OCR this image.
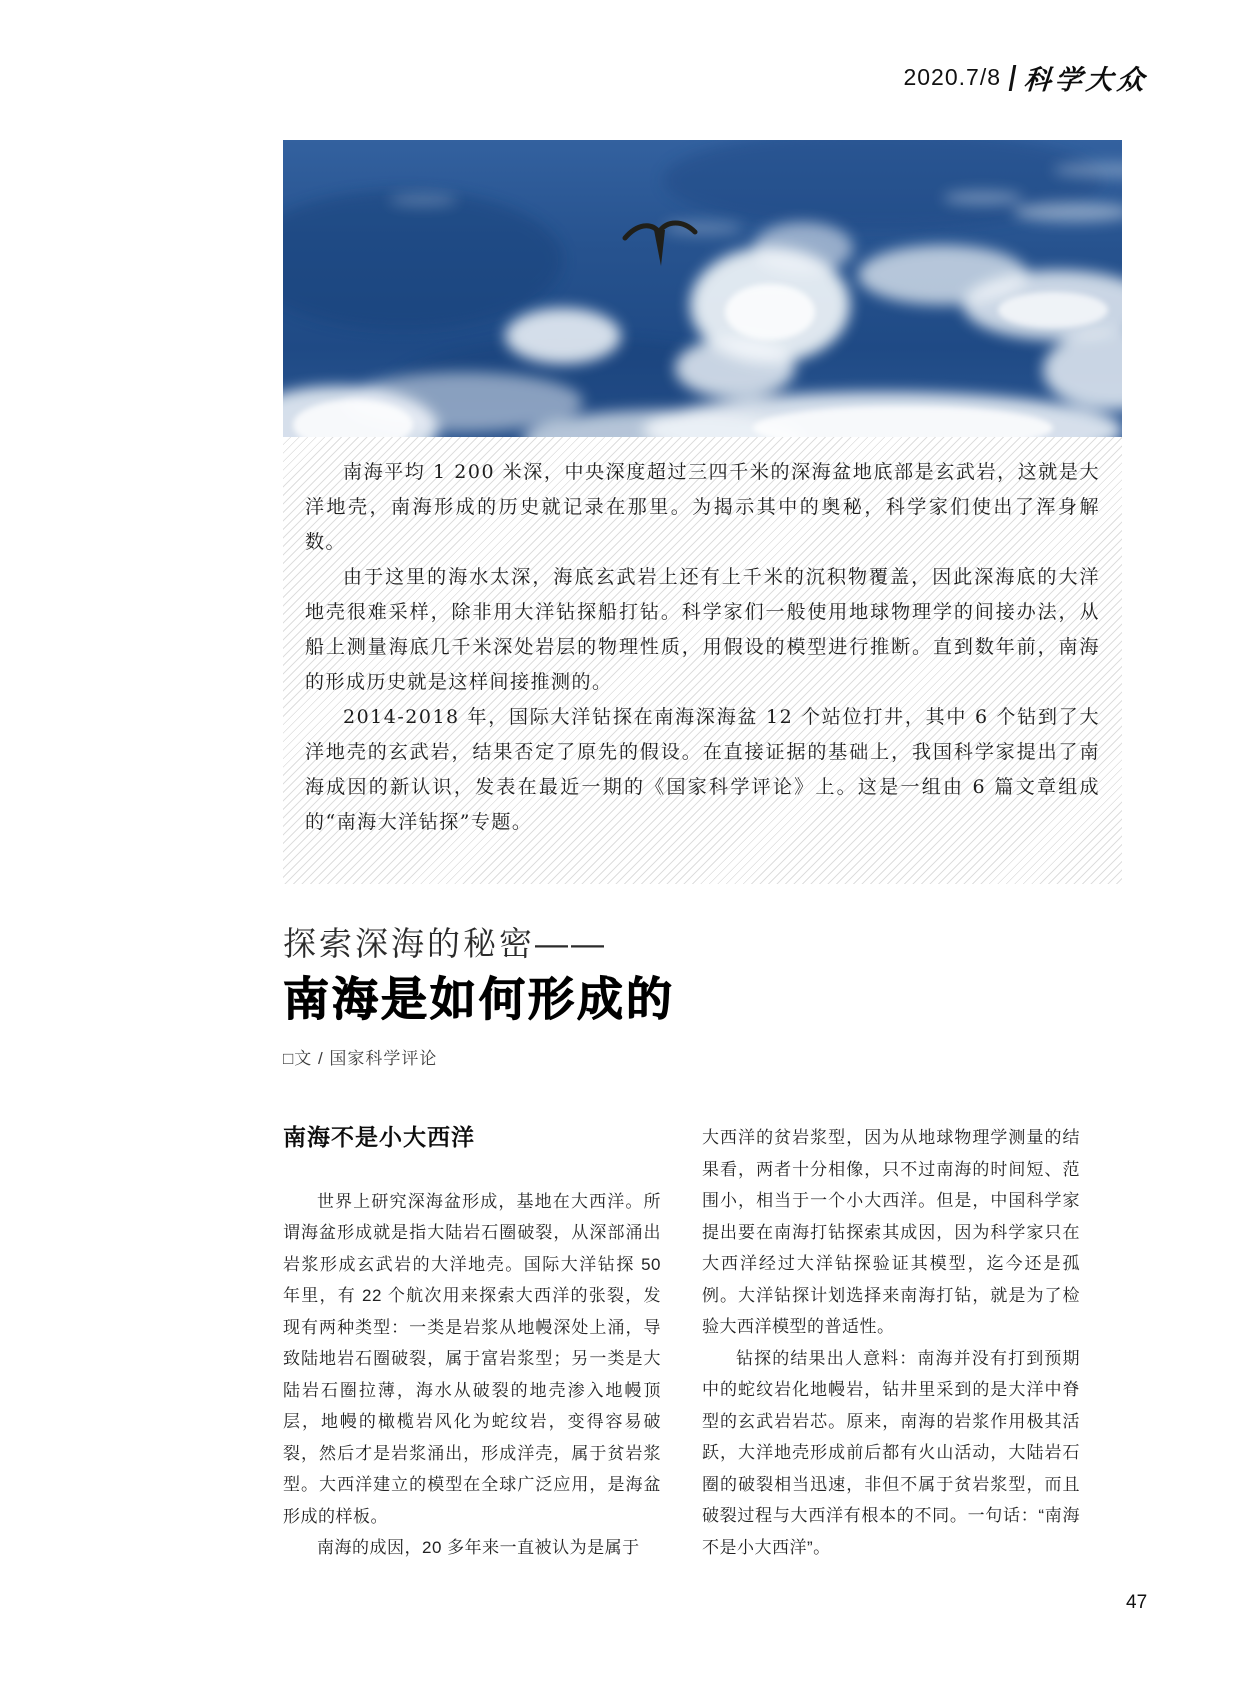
2020.7/8 科学大众

南海平均 1 200 米深，中央深度超过三四千米的深海盆地底部是玄武岩，这就是大洋地壳，南海形成的历史就记录在那里。为揭示其中的奥秘，科学家们使出了浑身解数。

由于这里的海水太深，海底玄武岩上还有上千米的沉积物覆盖，因此深海底的大洋地壳很难采样，除非用大洋钻探船打钻。科学家们一般使用地球物理学的间接办法，从船上测量海底几千米深处岩层的物理性质，用假设的模型进行推断。直到数年前，南海的形成历史就是这样间接推测的。

2014-2018 年，国际大洋钻探在南海深海盆 12 个站位打井，其中 6 个钻到了大洋地壳的玄武岩，结果否定了原先的假设。在直接证据的基础上，我国科学家提出了南海成因的新认识，发表在最近一期的《国家科学评论》上。这是一组由 6 篇文章组成的“南海大洋钻探”专题。

探索深海的秘密——
南海是如何形成的
□文 / 国家科学评论
南海不是小大西洋

世界上研究深海盆形成，基地在大西洋。所谓海盆形成就是指大陆岩石圈破裂，从深部涌出岩浆形成玄武岩的大洋地壳。国际大洋钻探 50 年里，有 22 个航次用来探索大西洋的张裂，发现有两种类型：一类是岩浆从地幔深处上涌，导致陆地岩石圈破裂，属于富岩浆型；另一类是大陆岩石圈拉薄，海水从破裂的地壳渗入地幔顶层，地幔的橄榄岩风化为蛇纹岩，变得容易破裂，然后才是岩浆涌出，形成洋壳，属于贫岩浆型。大西洋建立的模型在全球广泛应用，是海盆形成的样板。

南海的成因，20 多年来一直被认为是属于

大西洋的贫岩浆型，因为从地球物理学测量的结果看，两者十分相像，只不过南海的时间短、范围小，相当于一个小大西洋。但是，中国科学家提出要在南海打钻探索其成因，因为科学家只在大西洋经过大洋钻探验证其模型，迄今还是孤例。大洋钻探计划选择来南海打钻，就是为了检验大西洋模型的普适性。

钻探的结果出人意料：南海并没有打到预期中的蛇纹岩化地幔岩，钻井里采到的是大洋中脊型的玄武岩岩芯。原来，南海的岩浆作用极其活跃，大洋地壳形成前后都有火山活动，大陆岩石圈的破裂相当迅速，非但不属于贫岩浆型，而且破裂过程与大西洋有根本的不同。一句话：“南海不是小大西洋”。

47
